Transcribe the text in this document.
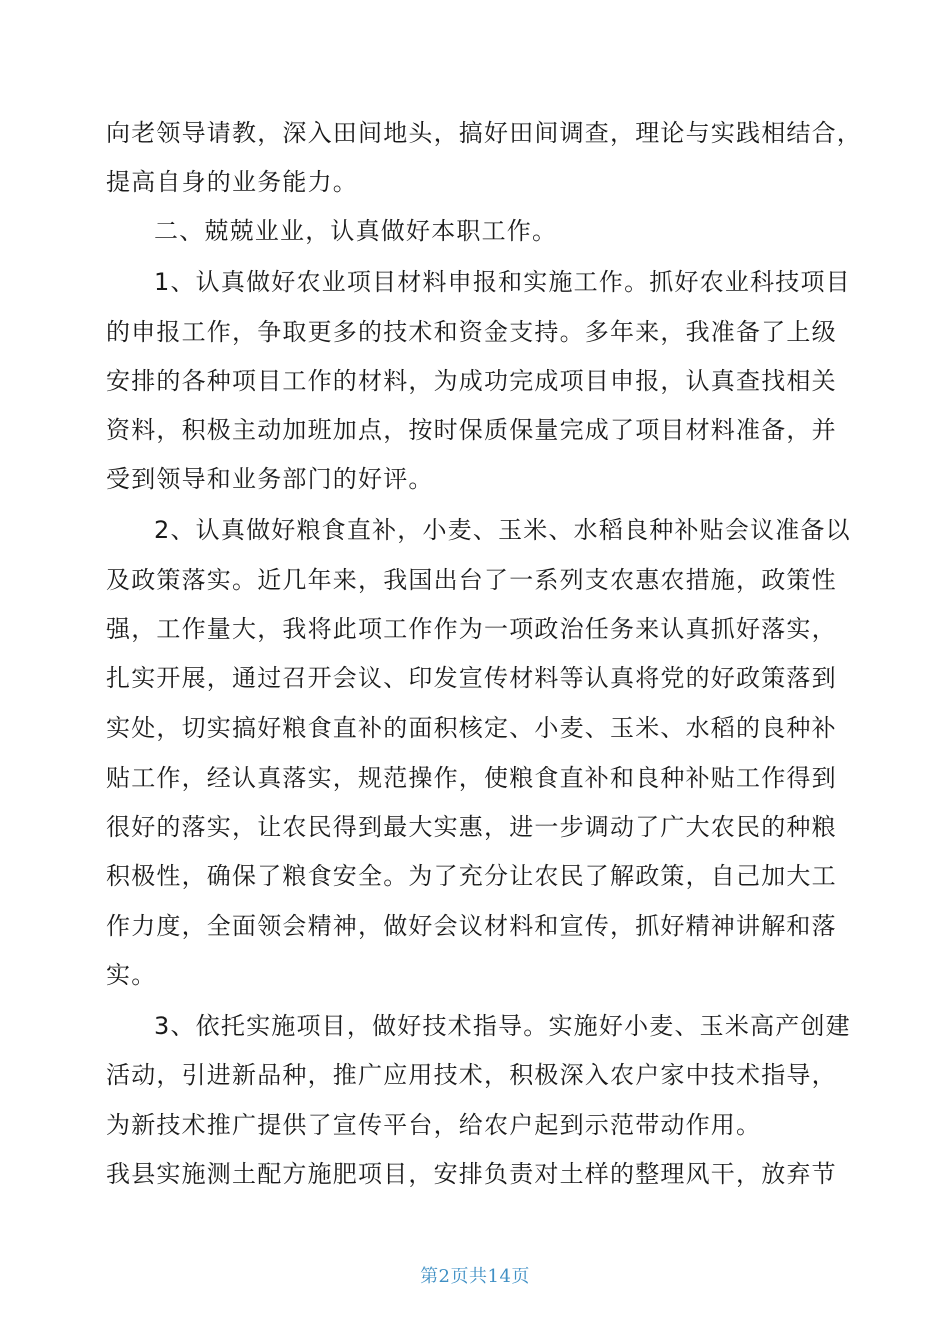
向老领导请教，深入田间地头，搞好田间调查，理论与实践相结合，
提高自身的业务能力。
二、兢兢业业，认真做好本职工作。
1、认真做好农业项目材料申报和实施工作。抓好农业科技项目
的申报工作，争取更多的技术和资金支持。多年来，我准备了上级
安排的各种项目工作的材料，为成功完成项目申报，认真查找相关
资料，积极主动加班加点，按时保质保量完成了项目材料准备，并
受到领导和业务部门的好评。
2、认真做好粮食直补，小麦、玉米、水稻良种补贴会议准备以
及政策落实。近几年来，我国出台了一系列支农惠农措施，政策性
强，工作量大，我将此项工作作为一项政治任务来认真抓好落实，
扎实开展，通过召开会议、印发宣传材料等认真将党的好政策落到
实处，切实搞好粮食直补的面积核定、小麦、玉米、水稻的良种补
贴工作，经认真落实，规范操作，使粮食直补和良种补贴工作得到
很好的落实，让农民得到最大实惠，进一步调动了广大农民的种粮
积极性，确保了粮食安全。为了充分让农民了解政策，自己加大工
作力度，全面领会精神，做好会议材料和宣传，抓好精神讲解和落
实。
3、依托实施项目，做好技术指导。实施好小麦、玉米高产创建
活动，引进新品种，推广应用技术，积极深入农户家中技术指导，
为新技术推广提供了宣传平台，给农户起到示范带动作用。
我县实施测土配方施肥项目，安排负责对土样的整理风干，放弃节
第2页共14页
